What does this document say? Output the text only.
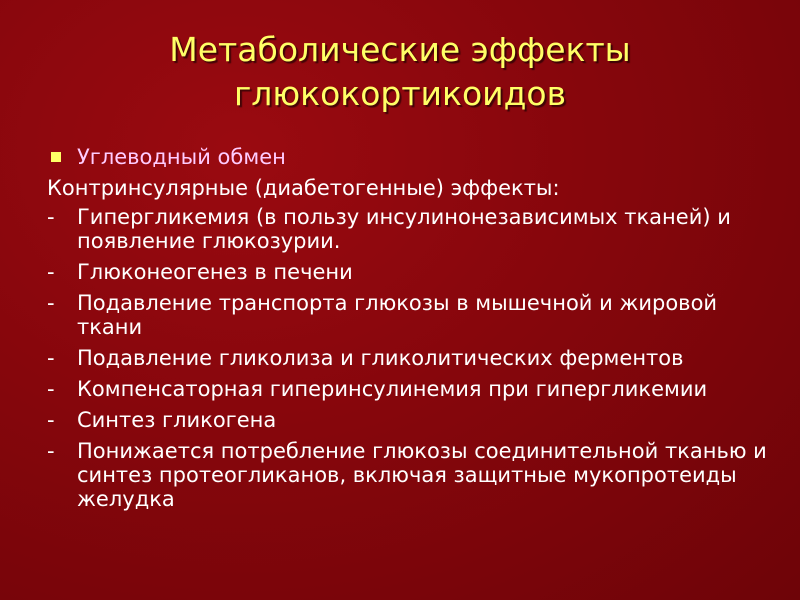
Метаболические эффекты
глюкокортикоидов
Углеводный обмен
Контринсулярные (диабетогенные) эффекты:
-	Гипергликемия (в пользу инсулинонезависимых тканей) и появление глюкозурии.
-	Глюконеогенез в печени
-	Подавление транспорта глюкозы в мышечной и жировой ткани
-	Подавление гликолиза и гликолитических ферментов
-	Компенсаторная гиперинсулинемия при гипергликемии
-	Синтез гликогена
-	Понижается потребление глюкозы соединительной тканью и синтез протеогликанов, включая защитные мукопротеиды желудка
